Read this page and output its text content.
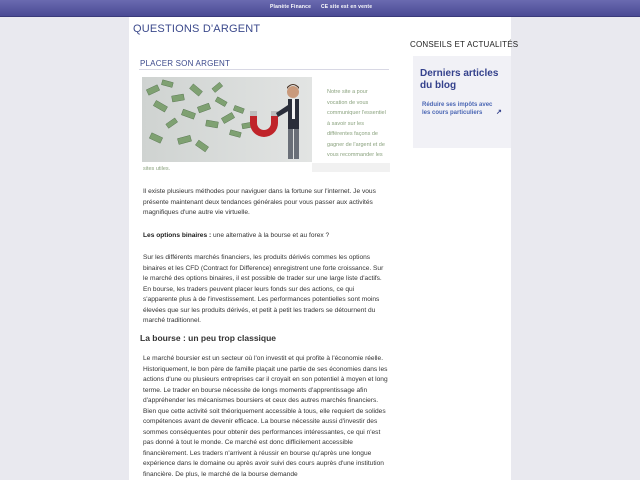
Planète Finance CE site est en vente
QUESTIONS D'ARGENT
CONSEILS ET ACTUALITÉS
Derniers articles du blog
Réduire ses impôts avec les cours particuliers	↗
PLACER SON ARGENT
Notre site a pour vocation de vous communiquer l'essentiel à savoir sur les différentes façons de gagner de l'argent et de vous recommander les
sites utiles.
Il existe plusieurs méthodes pour naviguer dans la fortune sur l'internet. Je vous présente maintenant deux tendances générales pour vous passer aux activités magnifiques d'une autre vie virtuelle.
Les options binaires : une alternative à la bourse et au forex ?
Sur les différents marchés financiers, les produits dérivés commes les options binaires et les CFD (Contract for Difference) enregistrent une forte croissance. Sur le marché des options binaires, il est possible de trader sur une large liste d'actifs. En bourse, les traders peuvent placer leurs fonds sur des actions, ce qui s'apparente plus à de l'investissement. Les performances potentielles sont moins élevées que sur les produits dérivés, et petit à petit les traders se détournent du marché traditionnel.
La bourse : un peu trop classique
Le marché boursier est un secteur où l'on investit et qui profite à l'économie réelle. Historiquement, le bon père de famille plaçait une partie de ses économies dans les actions d'une ou plusieurs entreprises car il croyait en son potentiel à moyen et long terme. Le trader en bourse nécessite de longs moments d'apprentissage afin d'appréhender les mécanismes boursiers et ceux des autres marchés financiers. Bien que cette activité soit théoriquement accessible à tous, elle requiert de solides compétences avant de devenir efficace. La bourse nécessite aussi d'investir des sommes conséquentes pour obtenir des performances intéressantes, ce qui n'est pas donné à tout le monde. Ce marché est donc difficilement accessible financièrement. Les traders n'arrivent à réussir en bourse qu'après une longue expérience dans le domaine ou après avoir suivi des cours auprès d'une institution financière. De plus, le marché de la bourse demande
